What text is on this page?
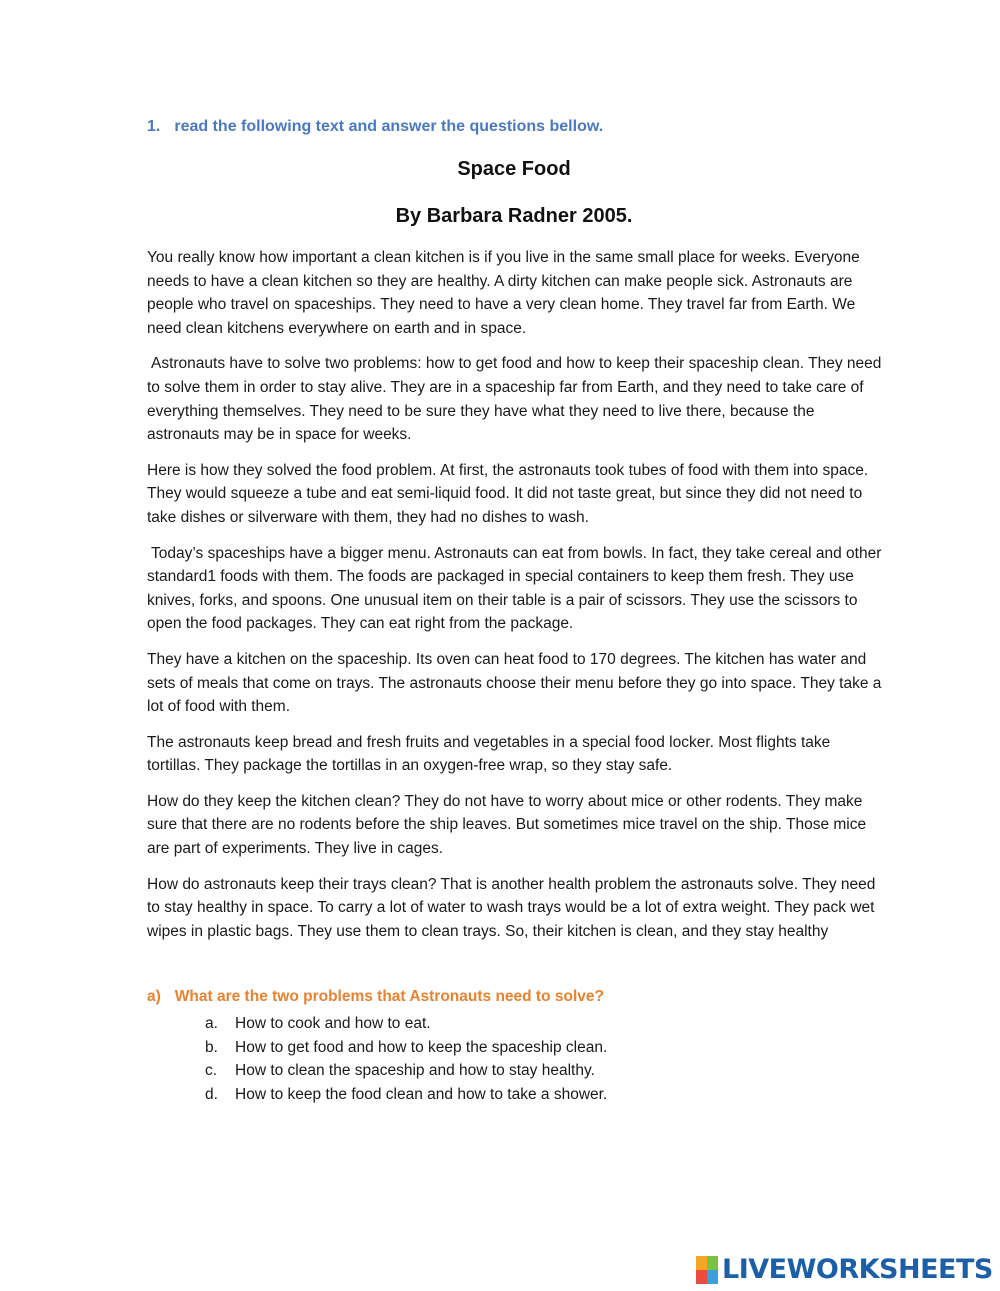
1. read the following text and answer the questions bellow.
Space Food
By Barbara Radner 2005.

You really know how important a clean kitchen is if you live in the same small place for weeks. Everyone needs to have a clean kitchen so they are healthy. A dirty kitchen can make people sick. Astronauts are people who travel on spaceships. They need to have a very clean home. They travel far from Earth. We need clean kitchens everywhere on earth and in space.

Astronauts have to solve two problems: how to get food and how to keep their spaceship clean. They need to solve them in order to stay alive. They are in a spaceship far from Earth, and they need to take care of everything themselves. They need to be sure they have what they need to live there, because the astronauts may be in space for weeks.

Here is how they solved the food problem. At first, the astronauts took tubes of food with them into space. They would squeeze a tube and eat semi-liquid food. It did not taste great, but since they did not need to take dishes or silverware with them, they had no dishes to wash.

Today’s spaceships have a bigger menu. Astronauts can eat from bowls. In fact, they take cereal and other standard1 foods with them. The foods are packaged in special containers to keep them fresh. They use knives, forks, and spoons. One unusual item on their table is a pair of scissors. They use the scissors to open the food packages. They can eat right from the package.

They have a kitchen on the spaceship. Its oven can heat food to 170 degrees. The kitchen has water and sets of meals that come on trays. The astronauts choose their menu before they go into space. They take a lot of food with them.

The astronauts keep bread and fresh fruits and vegetables in a special food locker. Most flights take tortillas. They package the tortillas in an oxygen-free wrap, so they stay safe.

How do they keep the kitchen clean? They do not have to worry about mice or other rodents. They make sure that there are no rodents before the ship leaves. But sometimes mice travel on the ship. Those mice are part of experiments. They live in cages.

How do astronauts keep their trays clean? That is another health problem the astronauts solve. They need to stay healthy in space. To carry a lot of water to wash trays would be a lot of extra weight. They pack wet wipes in plastic bags. They use them to clean trays. So, their kitchen is clean, and they stay healthy

a) What are the two problems that Astronauts need to solve?
a. How to cook and how to eat.
b. How to get food and how to keep the spaceship clean.
c. How to clean the spaceship and how to stay healthy.
d. How to keep the food clean and how to take a shower.
LIVEWORKSHEETS
